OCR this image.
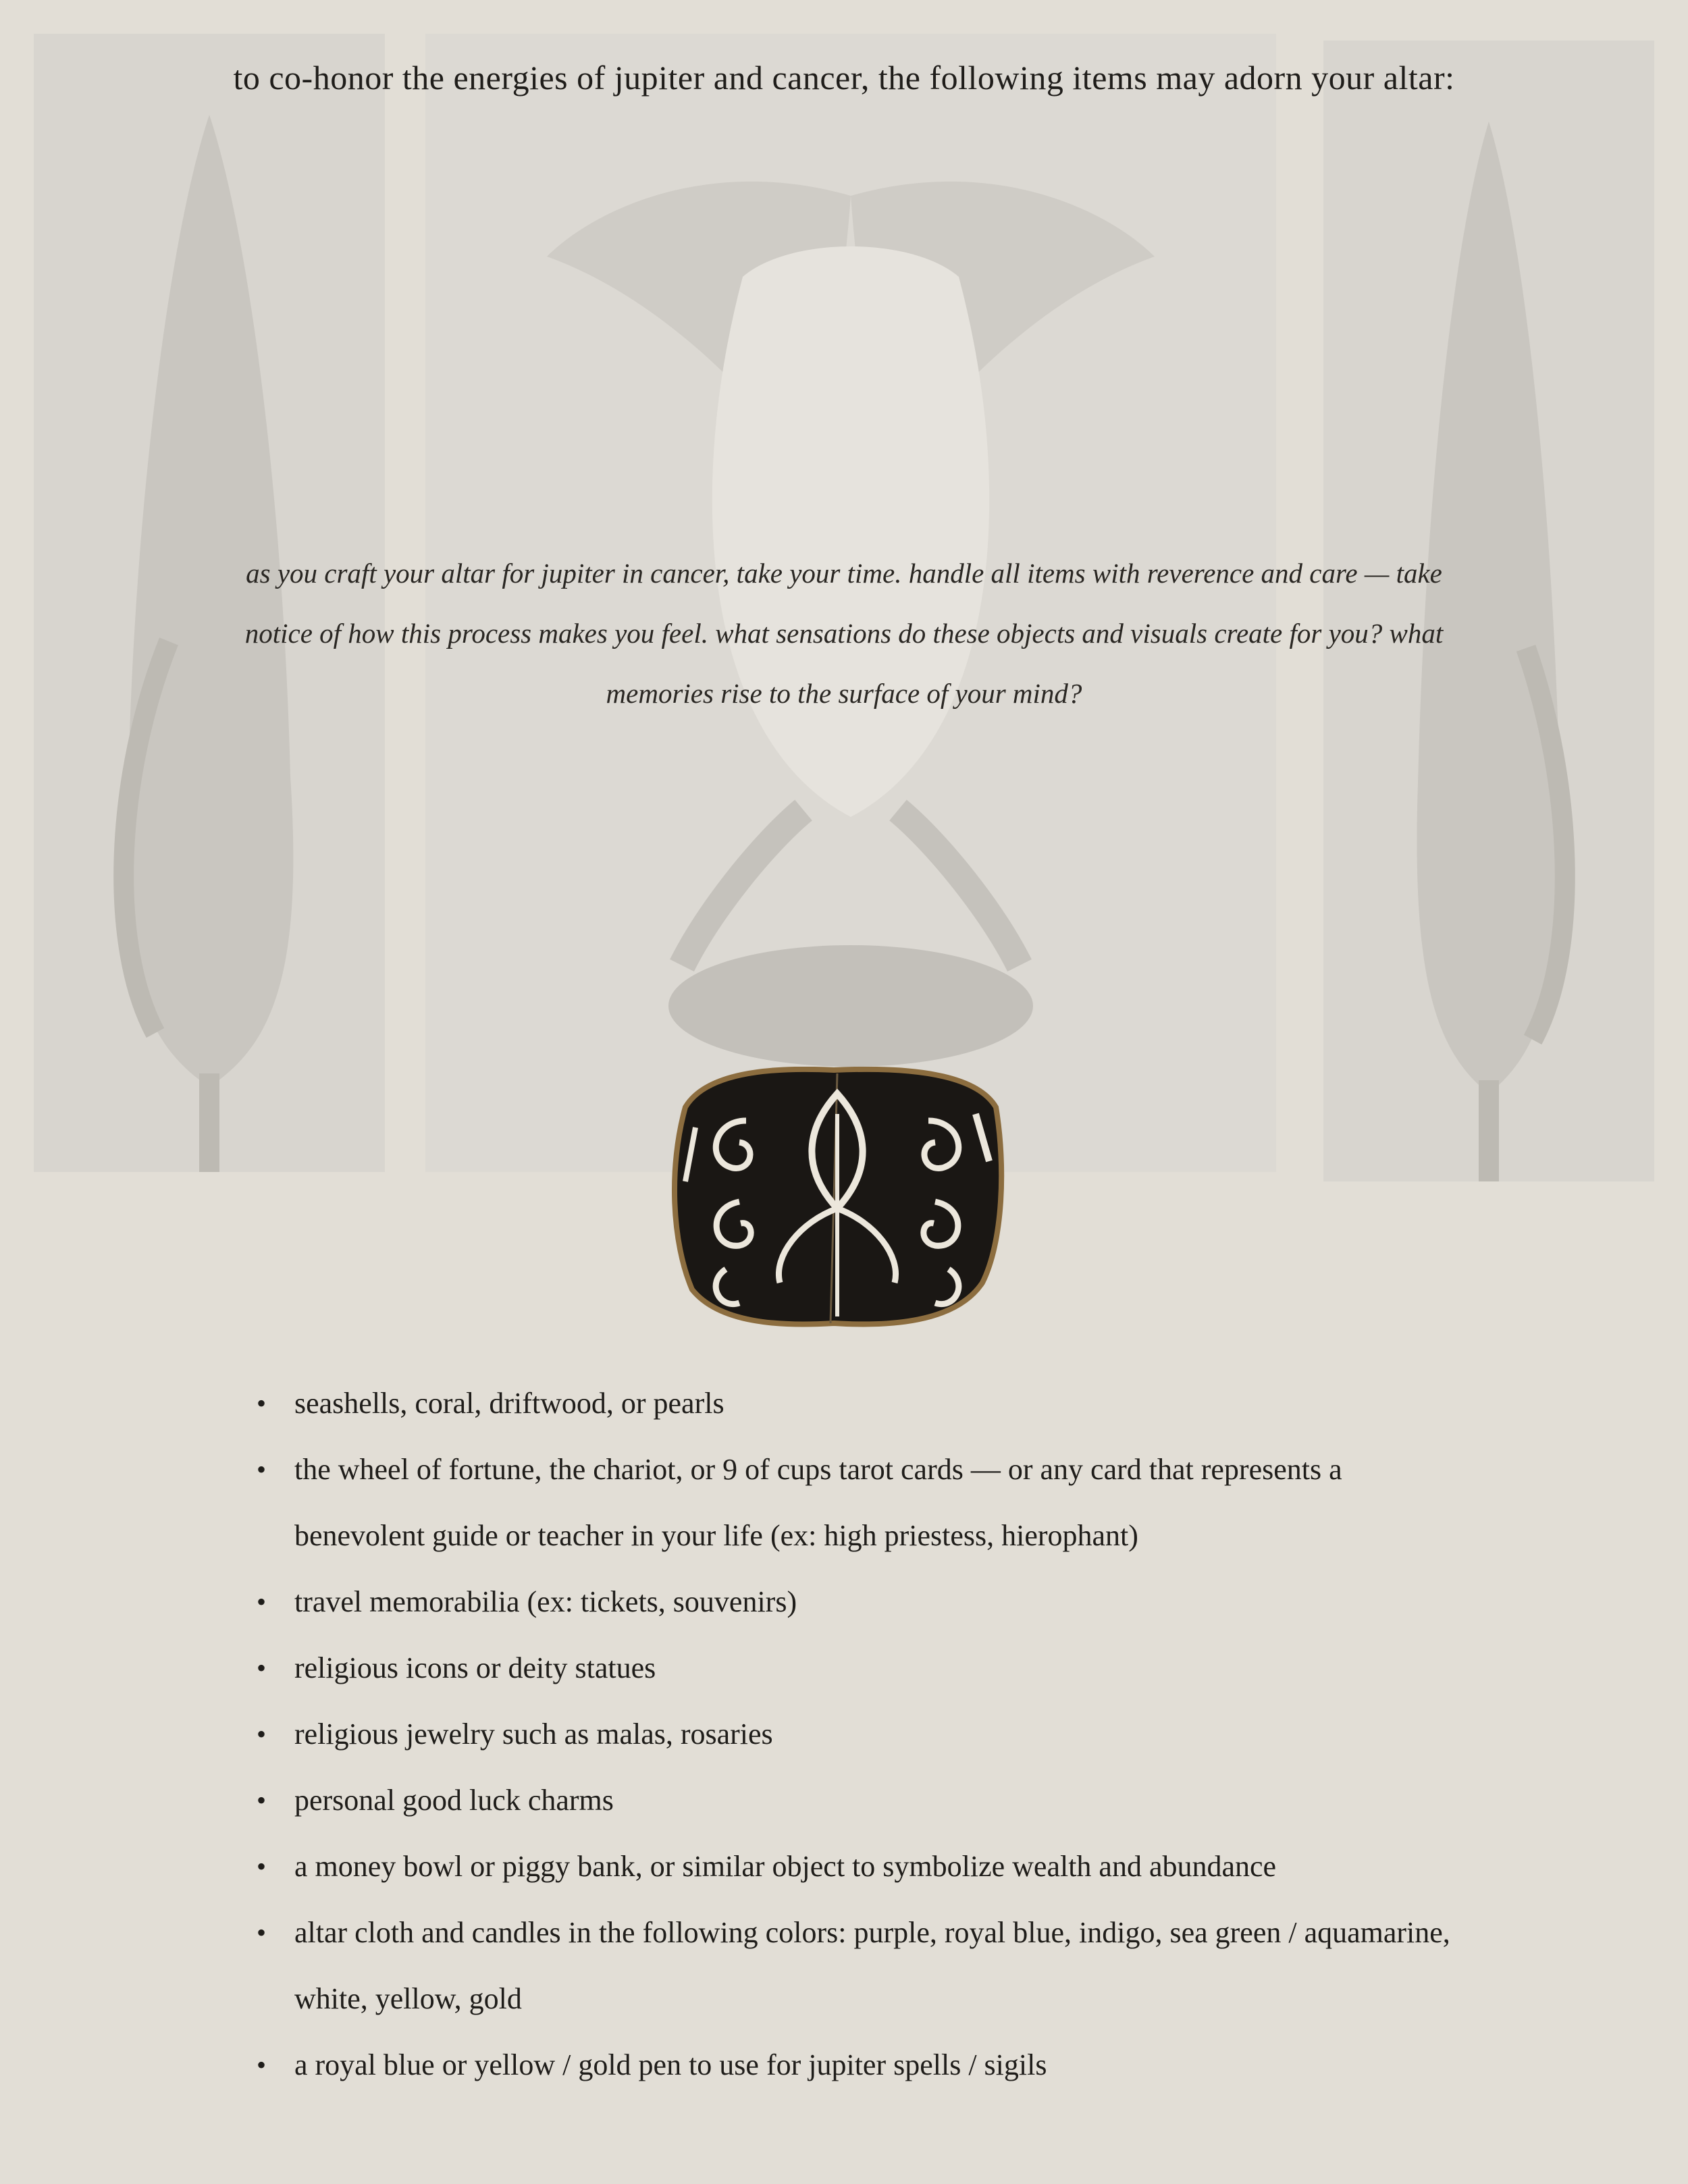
to co-honor the energies of jupiter and cancer, the following items may adorn your altar:
as you craft your altar for jupiter in cancer, take your time. handle all items with reverence and care — take notice of how this process makes you feel. what sensations do these objects and visuals create for you? what memories rise to the surface of your mind?
• seashells, coral, driftwood, or pearls
• the wheel of fortune, the chariot, or 9 of cups tarot cards — or any card that represents a benevolent guide or teacher in your life (ex: high priestess, hierophant)
• travel memorabilia (ex: tickets, souvenirs)
• religious icons or deity statues
• religious jewelry such as malas, rosaries
• personal good luck charms
• a money bowl or piggy bank, or similar object to symbolize wealth and abundance
• altar cloth and candles in the following colors: purple, royal blue, indigo, sea green / aquamarine, white, yellow, gold
• a royal blue or yellow / gold pen to use for jupiter spells / sigils
